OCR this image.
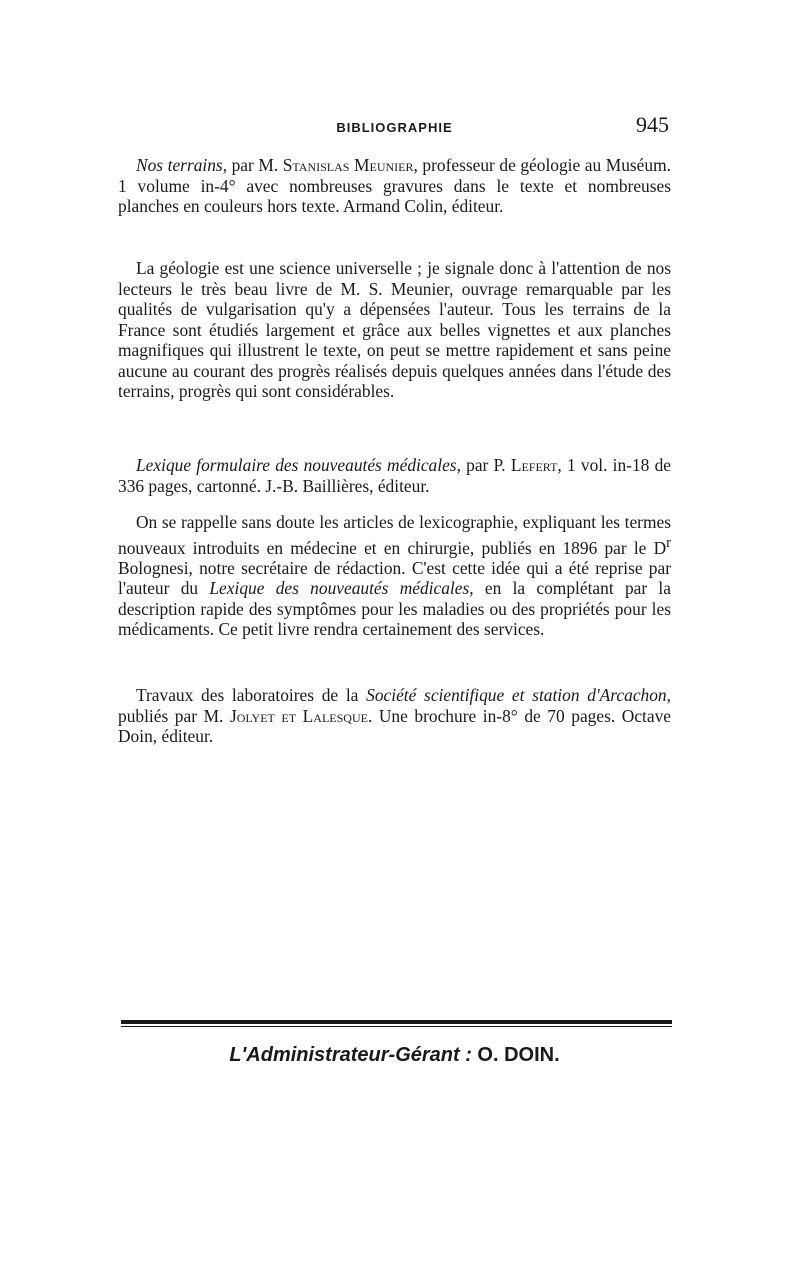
BIBLIOGRAPHIE	945

Nos terrains, par M. Stanislas Meunier, professeur de géologie au Muséum. 1 volume in-4° avec nombreuses gravures dans le texte et nombreuses planches en couleurs hors texte. Armand Colin, éditeur.

La géologie est une science universelle ; je signale donc à l'attention de nos lecteurs le très beau livre de M. S. Meunier, ouvrage remarquable par les qualités de vulgarisation qu'y a dépensées l'auteur. Tous les terrains de la France sont étudiés largement et grâce aux belles vignettes et aux planches magnifiques qui illustrent le texte, on peut se mettre rapidement et sans peine aucune au courant des progrès réalisés depuis quelques années dans l'étude des terrains, progrès qui sont considérables.

Lexique formulaire des nouveautés médicales, par P. Lefert, 1 vol. in-18 de 336 pages, cartonné. J.-B. Baillières, éditeur.

On se rappelle sans doute les articles de lexicographie, expliquant les termes nouveaux introduits en médecine et en chirurgie, publiés en 1896 par le $D^r$ Bolognesi, notre secrétaire de rédaction. C'est cette idée qui a été reprise par l'auteur du Lexique des nouveautés médicales, en la complétant par la description rapide des symptômes pour les maladies ou des propriétés pour les médicaments. Ce petit livre rendra certainement des services.

Travaux des laboratoires de la Société scientifique et station d'Arcachon, publiés par M. Jolyet et Lalesque. Une brochure in-8° de 70 pages. Octave Doin, éditeur.

L'Administrateur-Gérant : O. DOIN.
